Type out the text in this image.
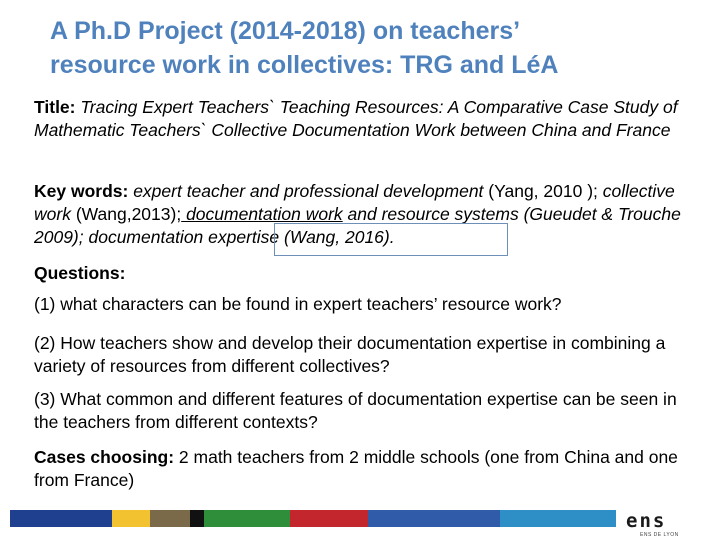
A Ph.D Project (2014-2018) on teachers’
resource work in collectives: TRG and LéA
Title: Tracing Expert Teachers` Teaching Resources: A Comparative Case Study of Mathematic Teachers` Collective Documentation Work between China and France
Key words: expert teacher and professional development (Yang, 2010 ); collective work (Wang,2013); documentation work and resource systems (Gueudet & Trouche 2009); documentation expertise (Wang, 2016).
Questions:
(1) what characters can be found in expert teachers’ resource work?
(2) How teachers show and develop their documentation expertise in combining a variety of resources from different collectives?
(3) What common and different features of documentation expertise can be seen in the teachers from different contexts?
Cases choosing: 2 math teachers from 2 middle schools (one from China and one from France)
ens
ENS DE LYON
